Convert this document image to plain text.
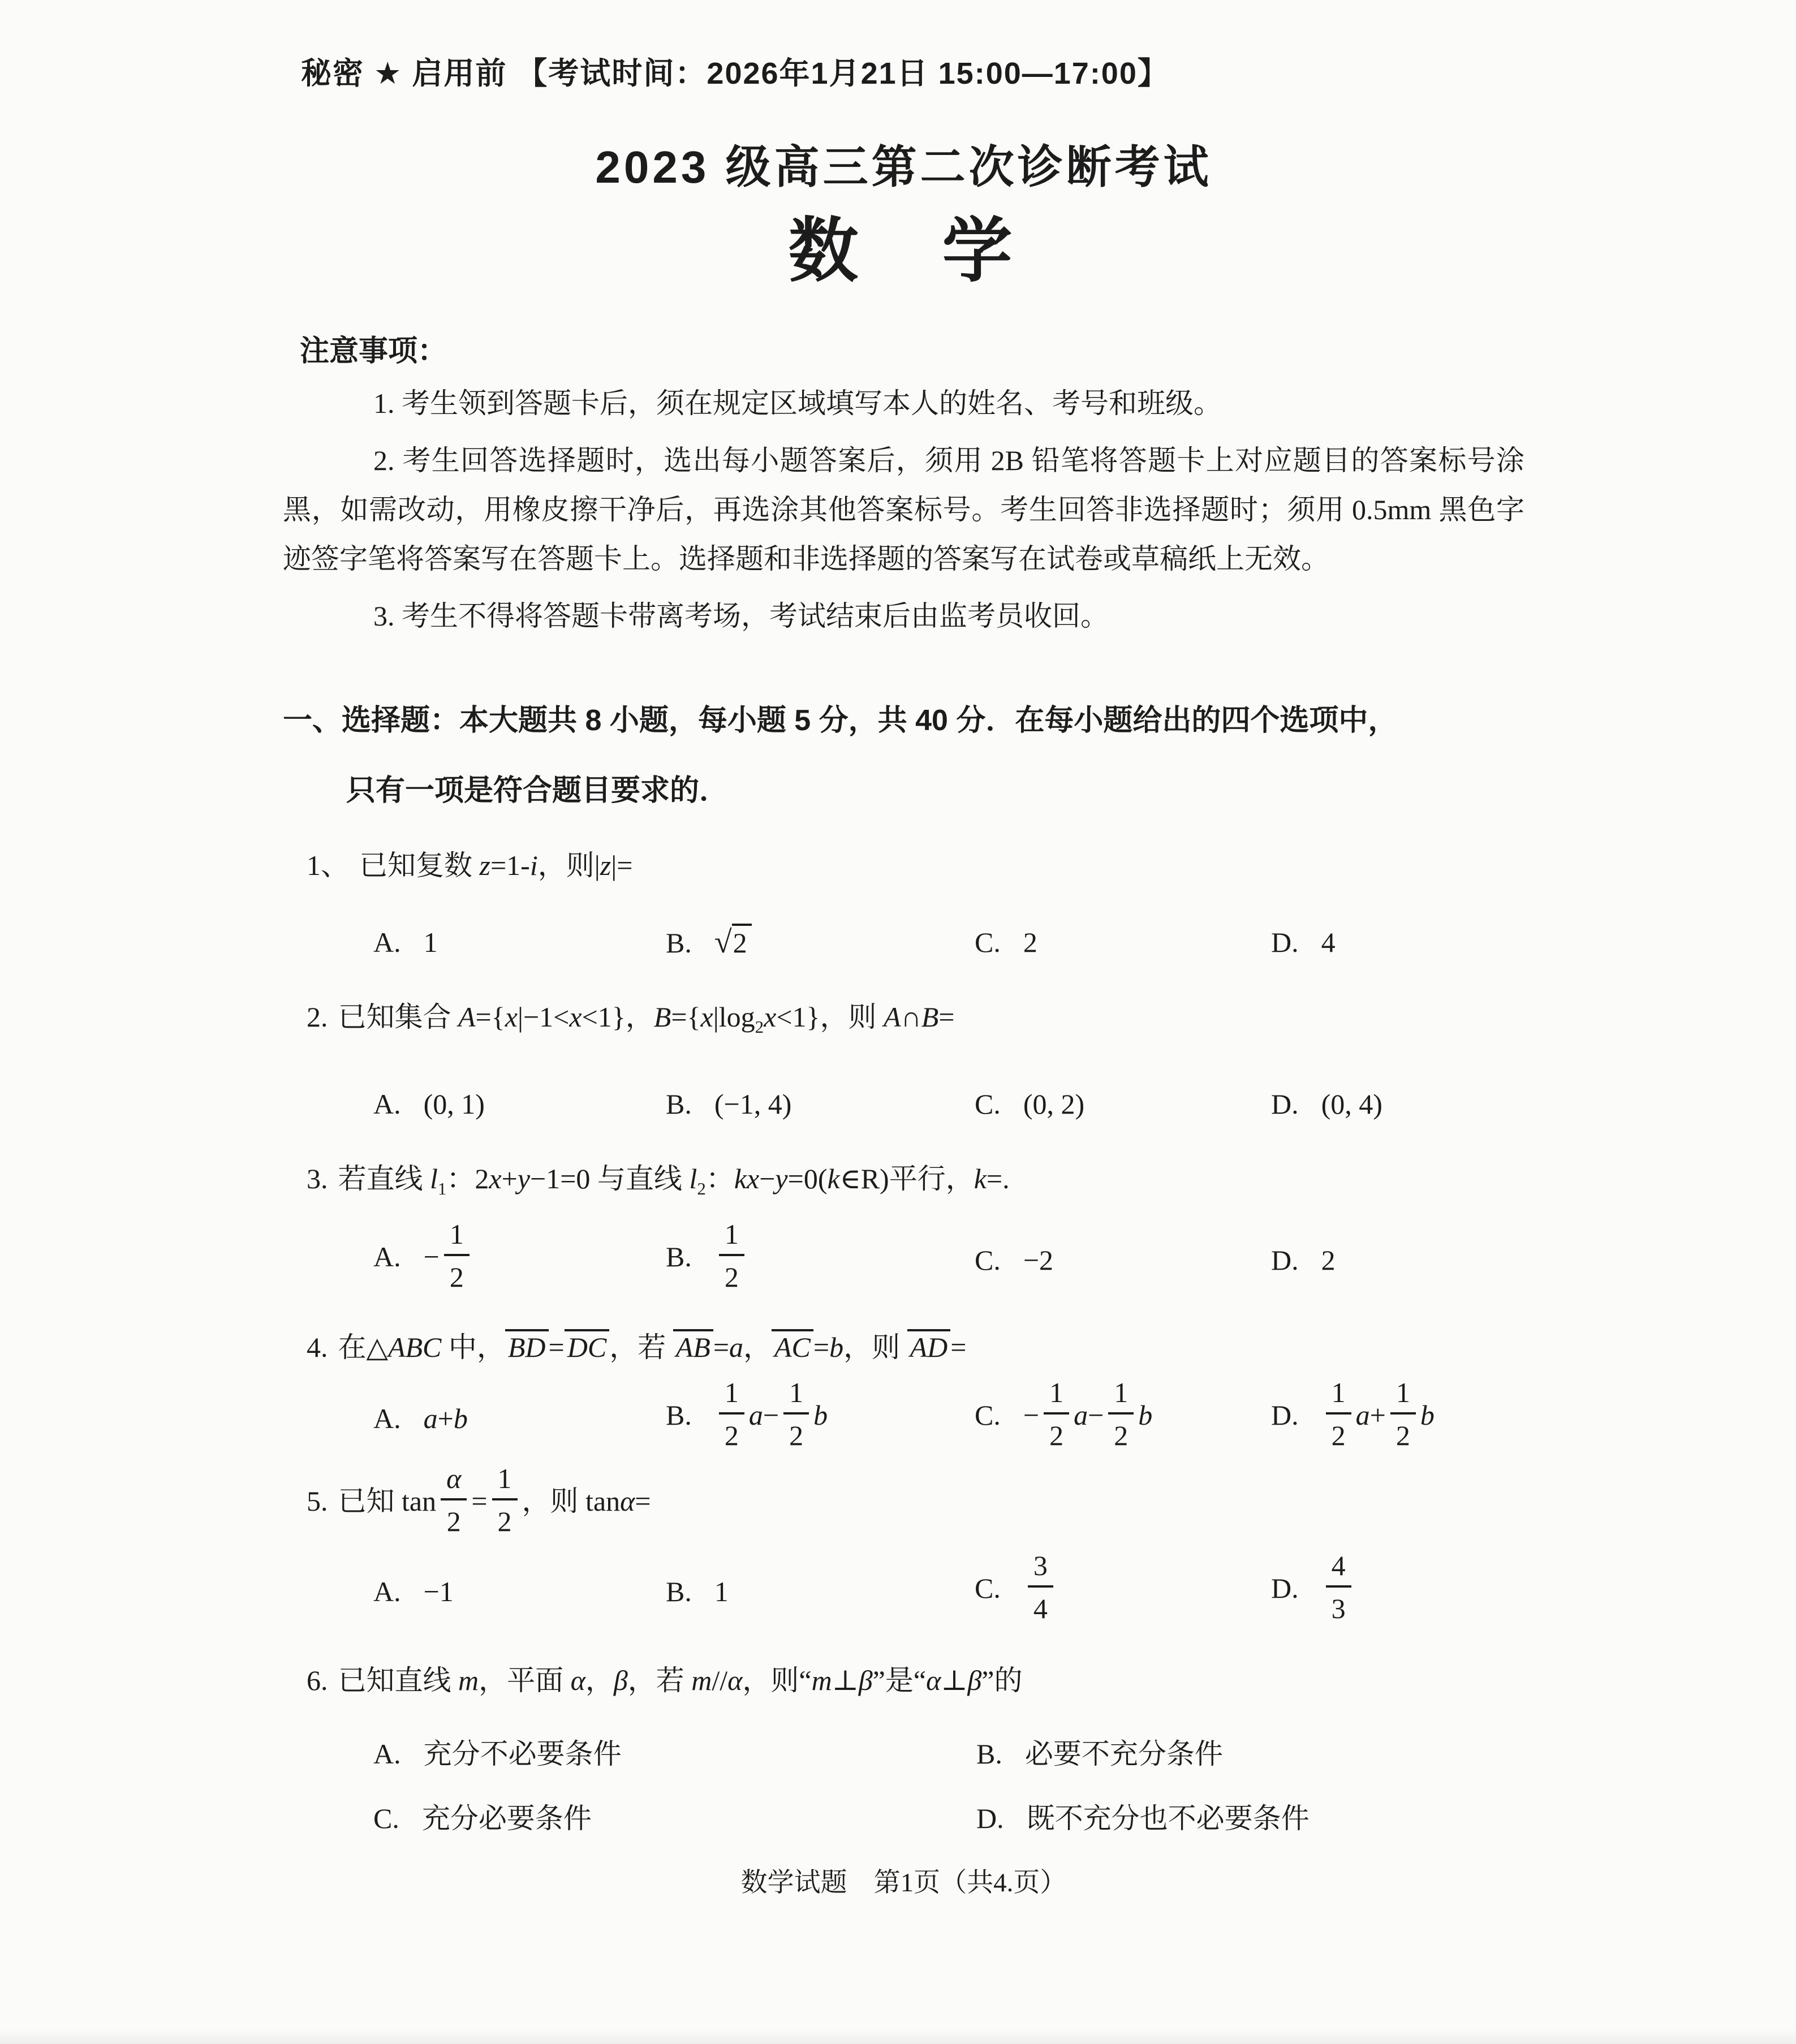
秘密 ★ 启用前 【考试时间：2026年1月21日 15:00—17:00】
2023 级高三第二次诊断考试
数　学
注意事项：

1. 考生领到答题卡后，须在规定区域填写本人的姓名、考号和班级。

2. 考生回答选择题时，选出每小题答案后，须用 2B 铅笔将答题卡上对应题目的答案标号涂黑，如需改动，用橡皮擦干净后，再选涂其他答案标号。考生回答非选择题时；须用 0.5mm 黑色字迹签字笔将答案写在答题卡上。选择题和非选择题的答案写在试卷或草稿纸上无效。

3. 考生不得将答题卡带离考场，考试结束后由监考员收回。

一、选择题：本大题共 8 小题，每小题 5 分，共 40 分．在每小题给出的四个选项中，

只有一项是符合题目要求的．

1、 已知复数 z=1-i，则|z|=
A. 1	B. √2	C. 2	D. 4
2. 已知集合 A={x|−1<x<1}，$B=\{x|\log_2x<1\}$，则 A∩B=
A. (0, 1)	B. (−1, 4)	C. (0, 2)	D. (0, 4)
3. 若直线 $l_1$：2x+y−1=0 与直线 $l_2$：kx−y=0(k∈R)平行，k=.
A. − $\frac{1}{2}$	B. $\frac{1}{2}$	C. −2	D. 2
4. 在△ABC 中， BD = DC ，若 AB =a， AC =b，则 AD =
A. a+b	B. $\frac{1}{2} a- \frac{1}{2}$ b	C. − $\frac{1}{2} a- \frac{1}{2}$ b	D. $\frac{1}{2} a+ \frac{1}{2}$ b
5. 已知 $\tan \frac{\alpha}{2} = \frac{1}{2}$ ，则 tanα=
A. −1	B. 1	C. $\frac{3}{4}$	D. $\frac{4}{3}$
6. 已知直线 m，平面 α，β，若 m//α，则“m⊥β”是“α⊥β”的
A. 充分不必要条件	B. 必要不充分条件
C. 充分必要条件	D. 既不充分也不必要条件
数学试题　第1页（共4.页）
